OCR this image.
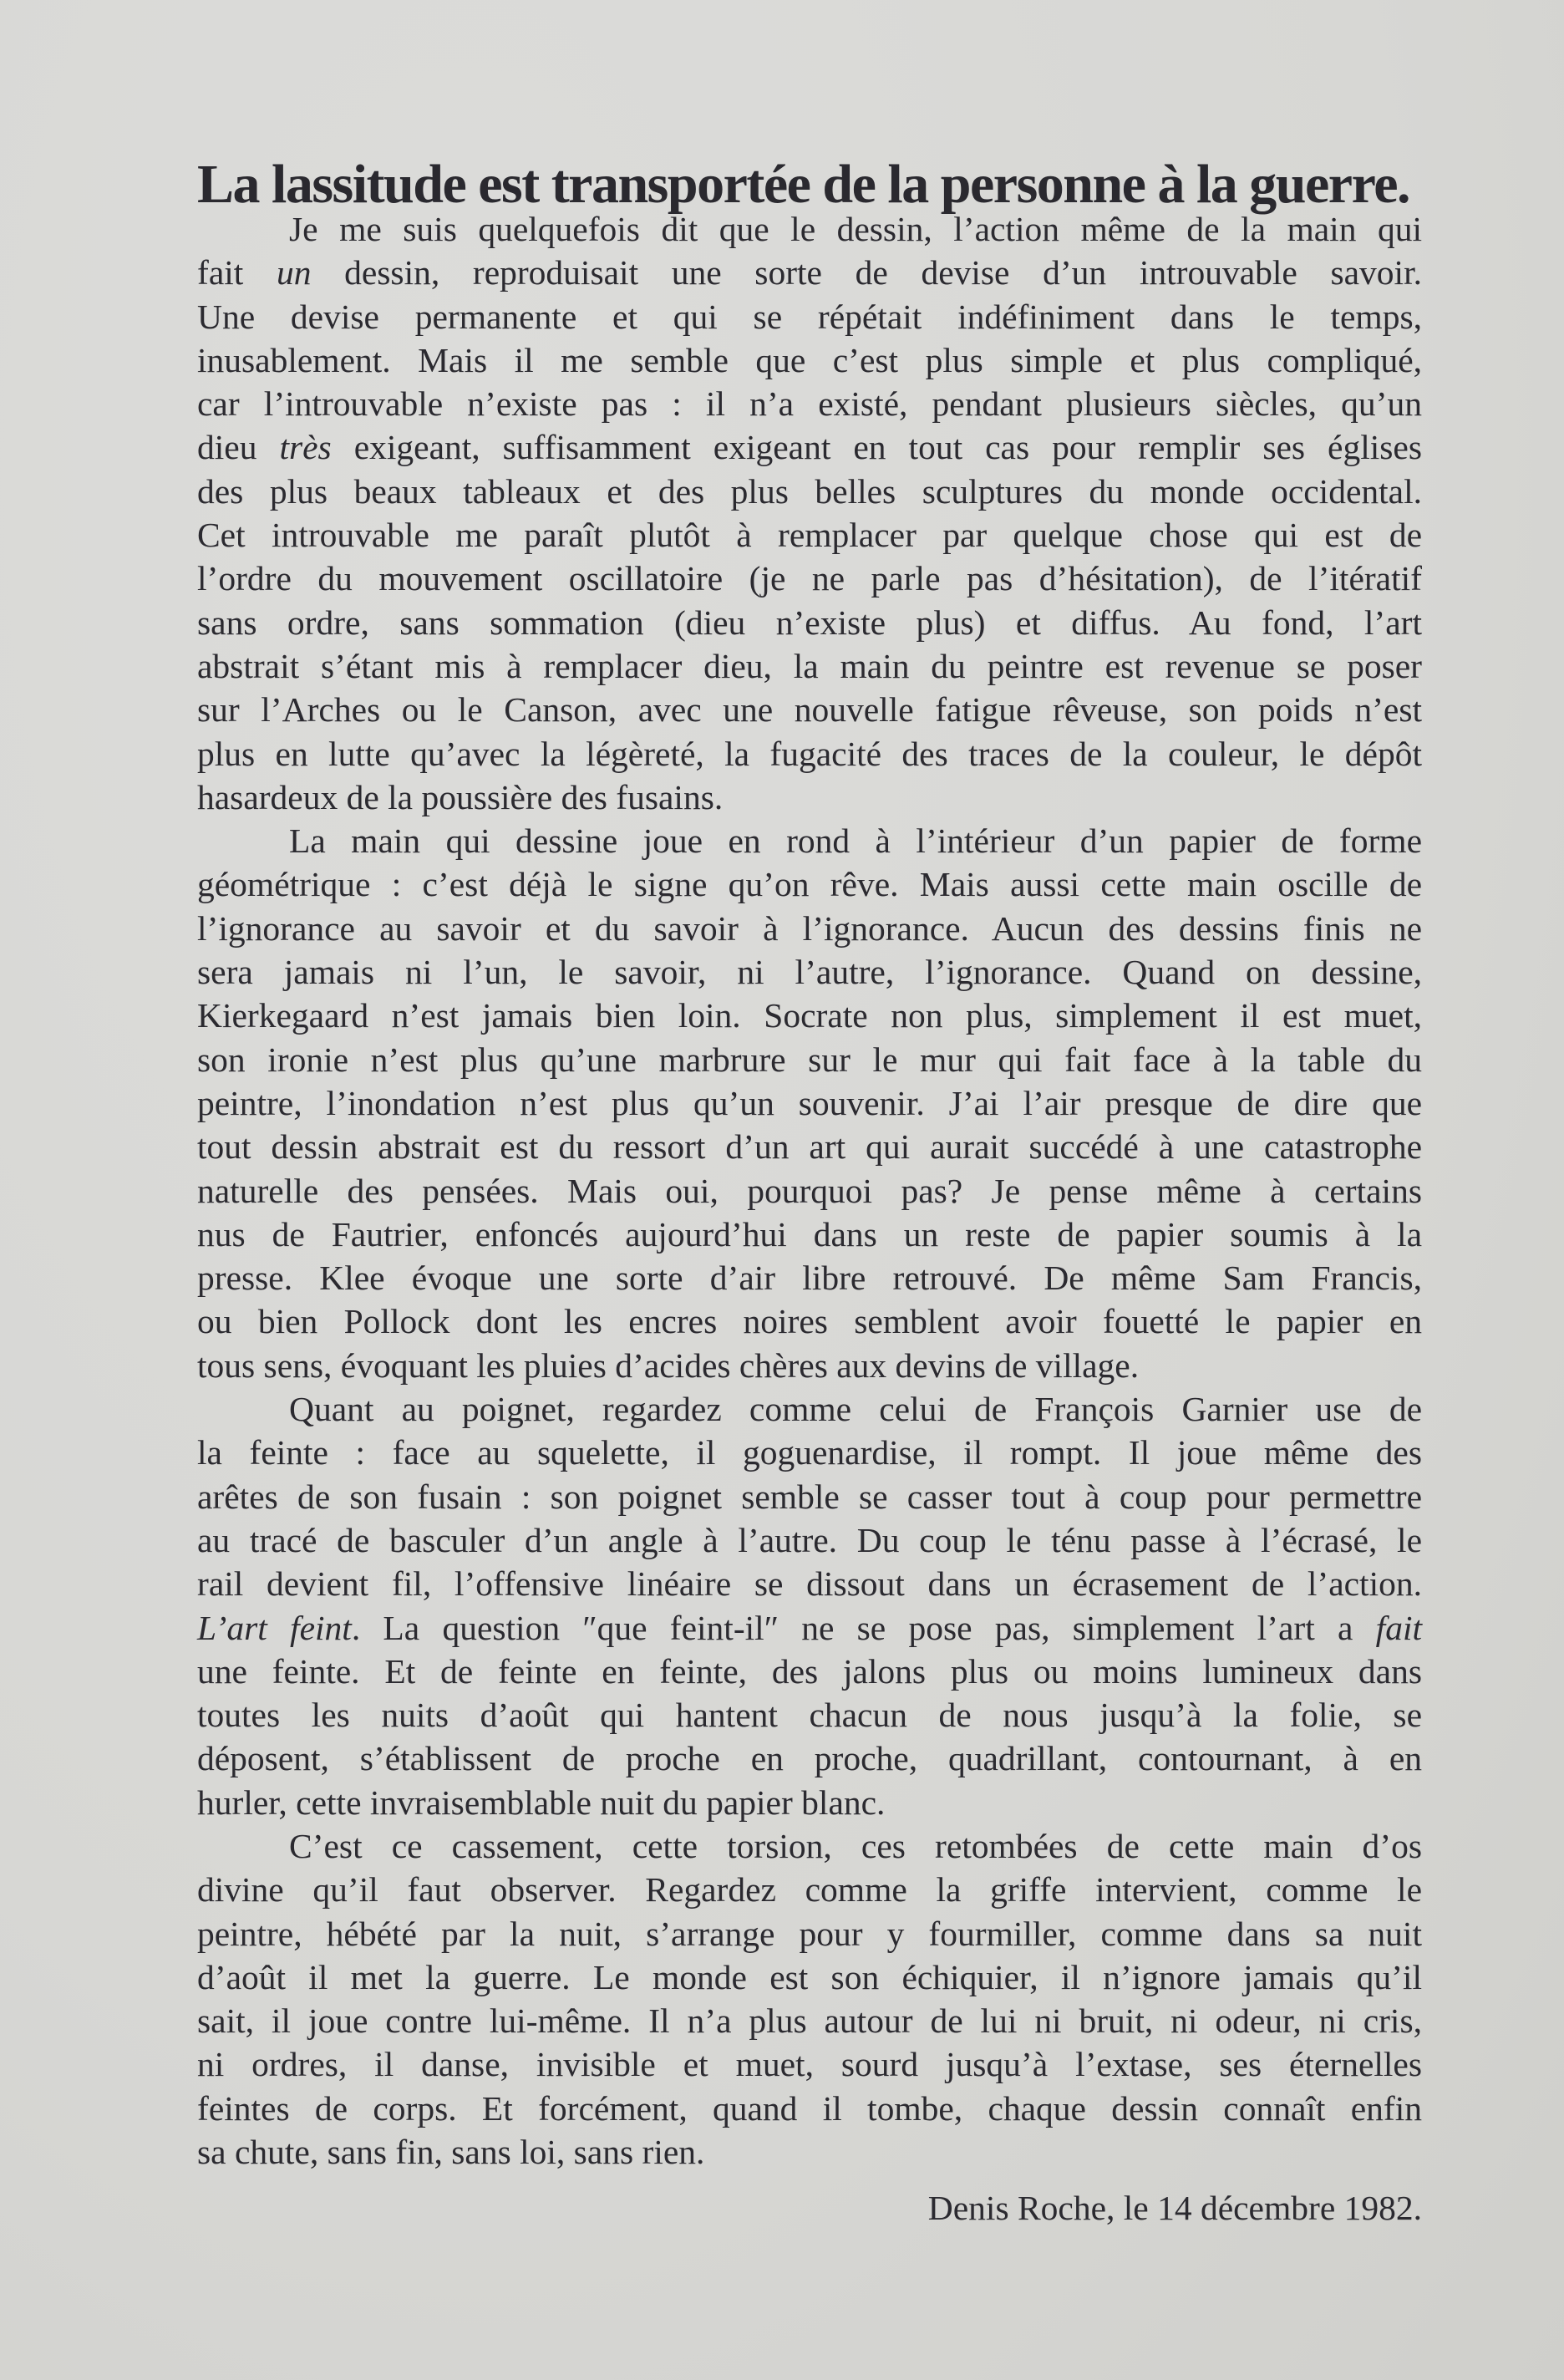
La lassitude est transportée de la personne à la guerre.
Je me suis quelquefois dit que le dessin, l’action même de la main qui
fait un dessin, reproduisait une sorte de devise d’un introuvable savoir.
Une devise permanente et qui se répétait indéfiniment dans le temps,
inusablement. Mais il me semble que c’est plus simple et plus compliqué,
car l’introuvable n’existe pas : il n’a existé, pendant plusieurs siècles, qu’un
dieu très exigeant, suffisamment exigeant en tout cas pour remplir ses églises
des plus beaux tableaux et des plus belles sculptures du monde occidental.
Cet introuvable me paraît plutôt à remplacer par quelque chose qui est de
l’ordre du mouvement oscillatoire (je ne parle pas d’hésitation), de l’itératif
sans ordre, sans sommation (dieu n’existe plus) et diffus. Au fond, l’art
abstrait s’étant mis à remplacer dieu, la main du peintre est revenue se poser
sur l’Arches ou le Canson, avec une nouvelle fatigue rêveuse, son poids n’est
plus en lutte qu’avec la légèreté, la fugacité des traces de la couleur, le dépôt
hasardeux de la poussière des fusains.
La main qui dessine joue en rond à l’intérieur d’un papier de forme
géométrique : c’est déjà le signe qu’on rêve. Mais aussi cette main oscille de
l’ignorance au savoir et du savoir à l’ignorance. Aucun des dessins finis ne
sera jamais ni l’un, le savoir, ni l’autre, l’ignorance. Quand on dessine,
Kierkegaard n’est jamais bien loin. Socrate non plus, simplement il est muet,
son ironie n’est plus qu’une marbrure sur le mur qui fait face à la table du
peintre, l’inondation n’est plus qu’un souvenir. J’ai l’air presque de dire que
tout dessin abstrait est du ressort d’un art qui aurait succédé à une catastrophe
naturelle des pensées. Mais oui, pourquoi pas? Je pense même à certains
nus de Fautrier, enfoncés aujourd’hui dans un reste de papier soumis à la
presse. Klee évoque une sorte d’air libre retrouvé. De même Sam Francis,
ou bien Pollock dont les encres noires semblent avoir fouetté le papier en
tous sens, évoquant les pluies d’acides chères aux devins de village.
Quant au poignet, regardez comme celui de François Garnier use de
la feinte : face au squelette, il goguenardise, il rompt. Il joue même des
arêtes de son fusain : son poignet semble se casser tout à coup pour permettre
au tracé de basculer d’un angle à l’autre. Du coup le ténu passe à l’écrasé, le
rail devient fil, l’offensive linéaire se dissout dans un écrasement de l’action.
L’art feint. La question ″que feint-il″ ne se pose pas, simplement l’art a fait
une feinte. Et de feinte en feinte, des jalons plus ou moins lumineux dans
toutes les nuits d’août qui hantent chacun de nous jusqu’à la folie, se
déposent, s’établissent de proche en proche, quadrillant, contournant, à en
hurler, cette invraisemblable nuit du papier blanc.
C’est ce cassement, cette torsion, ces retombées de cette main d’os
divine qu’il faut observer. Regardez comme la griffe intervient, comme le
peintre, hébété par la nuit, s’arrange pour y fourmiller, comme dans sa nuit
d’août il met la guerre. Le monde est son échiquier, il n’ignore jamais qu’il
sait, il joue contre lui-même. Il n’a plus autour de lui ni bruit, ni odeur, ni cris,
ni ordres, il danse, invisible et muet, sourd jusqu’à l’extase, ses éternelles
feintes de corps. Et forcément, quand il tombe, chaque dessin connaît enfin
sa chute, sans fin, sans loi, sans rien.
Denis Roche, le 14 décembre 1982.
